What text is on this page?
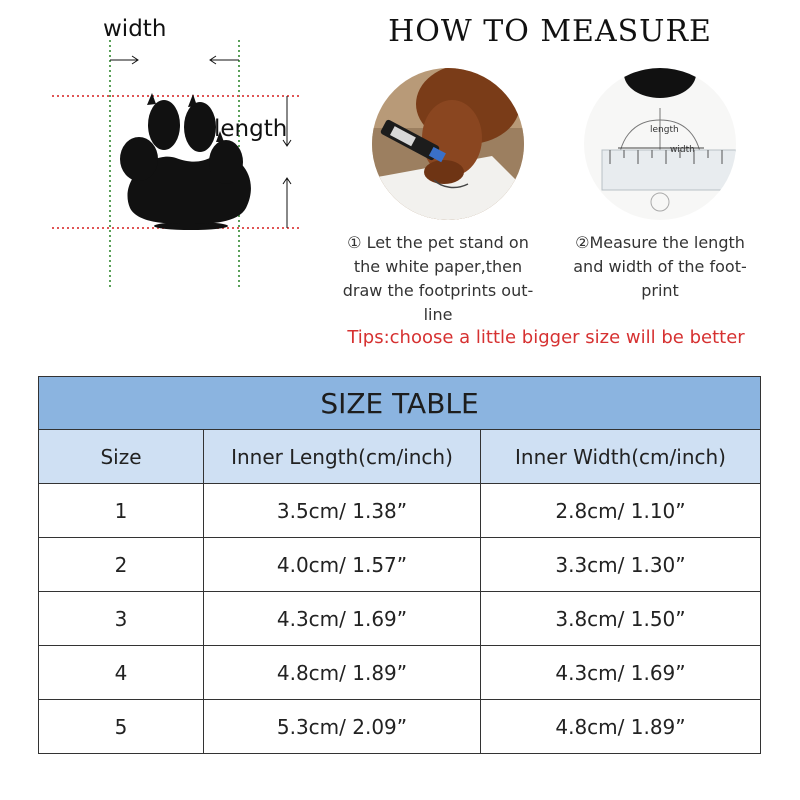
width
length
HOW TO MEASURE
length
width
① Let the pet stand on the white paper,then draw the footprints out-line
②Measure the length and width of the foot-print
Tips:choose a little bigger size will be better
SIZE TABLE		
Size	Inner Length(cm/inch)	Inner Width(cm/inch)
1	3.5cm/ 1.38”	2.8cm/ 1.10”
2	4.0cm/ 1.57”	3.3cm/ 1.30”
3	4.3cm/ 1.69”	3.8cm/ 1.50”
4	4.8cm/ 1.89”	4.3cm/ 1.69”
5	5.3cm/ 2.09”	4.8cm/ 1.89”
